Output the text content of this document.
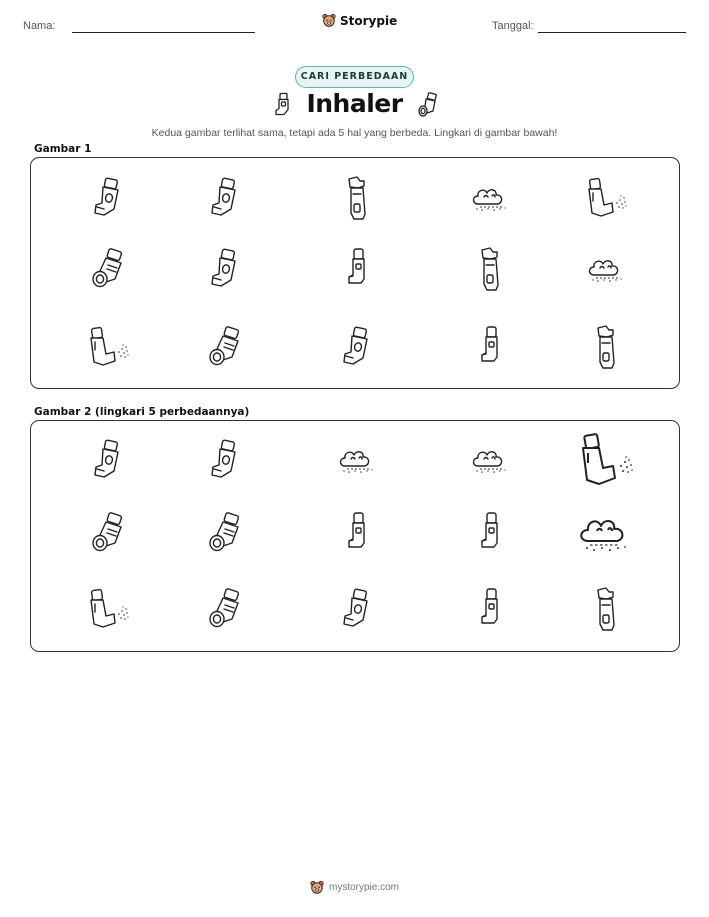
Nama:	Storypie	Tanggal:
CARI PERBEDAAN
Inhaler
Kedua gambar terlihat sama, tetapi ada 5 hal yang berbeda. Lingkari di gambar bawah!
Gambar 1
Gambar 2 (lingkari 5 perbedaannya)
mystorypie.com
